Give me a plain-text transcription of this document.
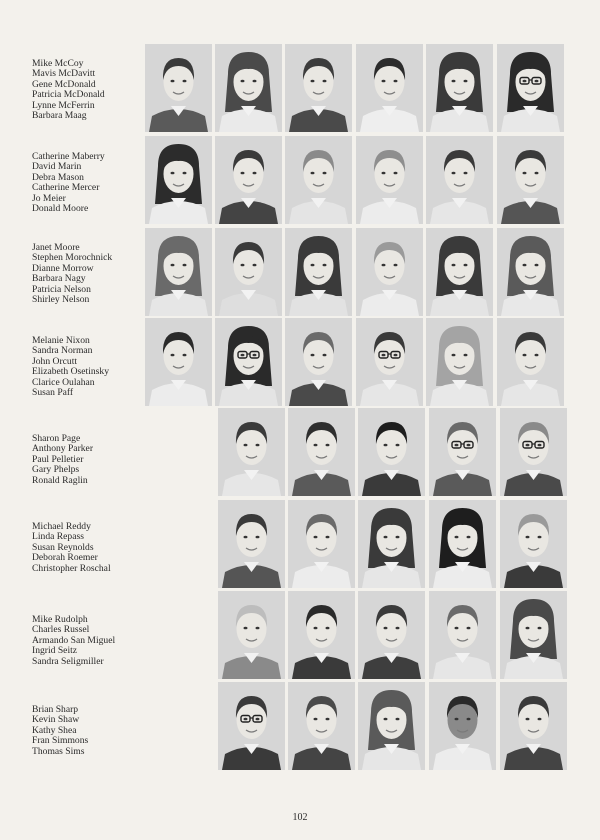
Mike McCoy
Mavis McDavitt
Gene McDonald
Patricia McDonald
Lynne McFerrin
Barbara Maag
Catherine Maberry
David Marin
Debra Mason
Catherine Mercer
Jo Meier
Donald Moore
Janet Moore
Stephen Morochnick
Dianne Morrow
Barbara Nagy
Patricia Nelson
Shirley Nelson
Melanie Nixon
Sandra Norman
John Orcutt
Elizabeth Osetinsky
Clarice Oulahan
Susan Paff
Sharon Page
Anthony Parker
Paul Pelletier
Gary Phelps
Ronald Raglin
Michael Reddy
Linda Repass
Susan Reynolds
Deborah Roemer
Christopher Roschal
Mike Rudolph
Charles Russel
Armando San Miguel
Ingrid Seitz
Sandra Seligmiller
Brian Sharp
Kevin Shaw
Kathy Shea
Fran Simmons
Thomas Sims
102
